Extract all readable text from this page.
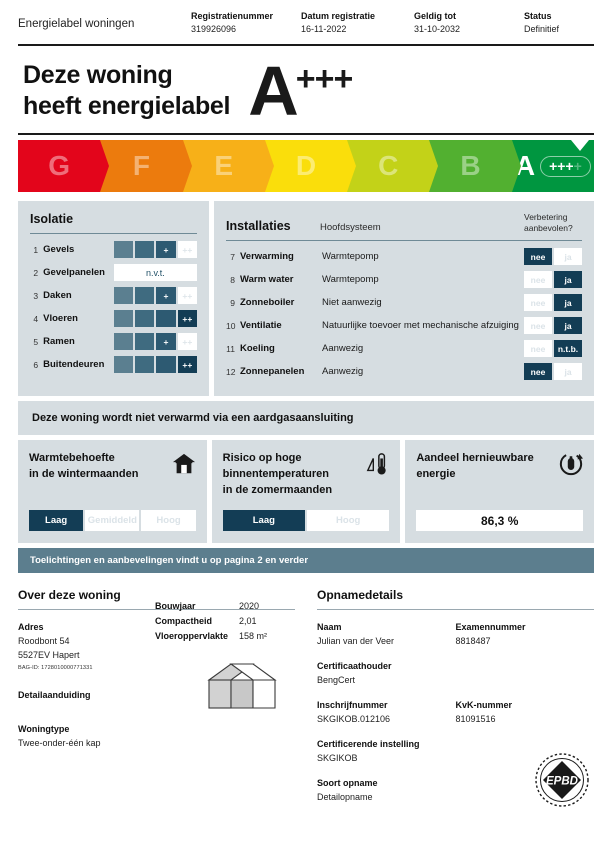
Energielabel woningen
Registratienummer
319926096
Datum registratie
16-11-2022
Geldig tot
31-10-2032
Status
Definitief
Deze woning
heeft energielabel A +++
G F E D C B A	++++
Isolatie
1 Gevels	+	++
2 Gevelpanelen	n.v.t.
3 Daken	+	++
4 Vloeren	++
5 Ramen	+	++
6 Buitendeuren	++
Installaties	Hoofdsysteem
Verbetering
aanbevolen?
7 Verwarming	Warmtepomp	nee	ja
8 Warm water	Warmtepomp	nee	ja
9 Zonneboiler	Niet aanwezig	nee	ja
10 Ventilatie	Natuurlijke toevoer met mechanische afzuiging	nee	ja
11 Koeling	Aanwezig	nee	n.t.b.
12 Zonnepanelen	Aanwezig	nee	ja
Deze woning wordt niet verwarmd via een aardgasaansluiting
Warmtebehoefte
in de wintermaanden
Laag	Gemiddeld	Hoog
Risico op hoge
binnentemperaturen
in de zomermaanden
Laag	Hoog
Aandeel hernieuwbare
energie
86,3 %
Toelichtingen en aanbevelingen vindt u op pagina 2 en verder
Over deze woning
Adres
Roodbont 54
5527EV Hapert
BAG-ID: 1728010000771331
Detailaanduiding
Woningtype
Twee-onder-één kap
Bouwjaar	2020
Compactheid	2,01
Vloeroppervlakte	158 m²
Opnamedetails
Naam
Julian van der Veer
Examennummer
8818487
Certificaathouder
BengCert
Inschrijfnummer
SKGIKOB.012106
KvK-nummer
81091516
Certificerende instelling
SKGIKOB
Soort opname
Detailopname
EPBD
